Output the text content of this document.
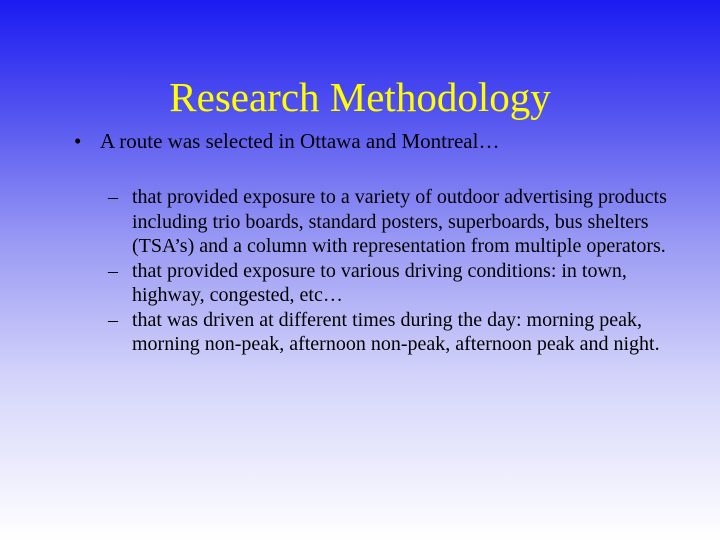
Research Methodology
• A route was selected in Ottawa and Montreal…
– that provided exposure to a variety of outdoor advertising products including trio boards, standard posters, superboards, bus shelters (TSA’s) and a column with representation from multiple operators.
– that provided exposure to various driving conditions: in town, highway, congested, etc…
– that was driven at different times during the day: morning peak, morning non-peak, afternoon non-peak, afternoon peak and night.
